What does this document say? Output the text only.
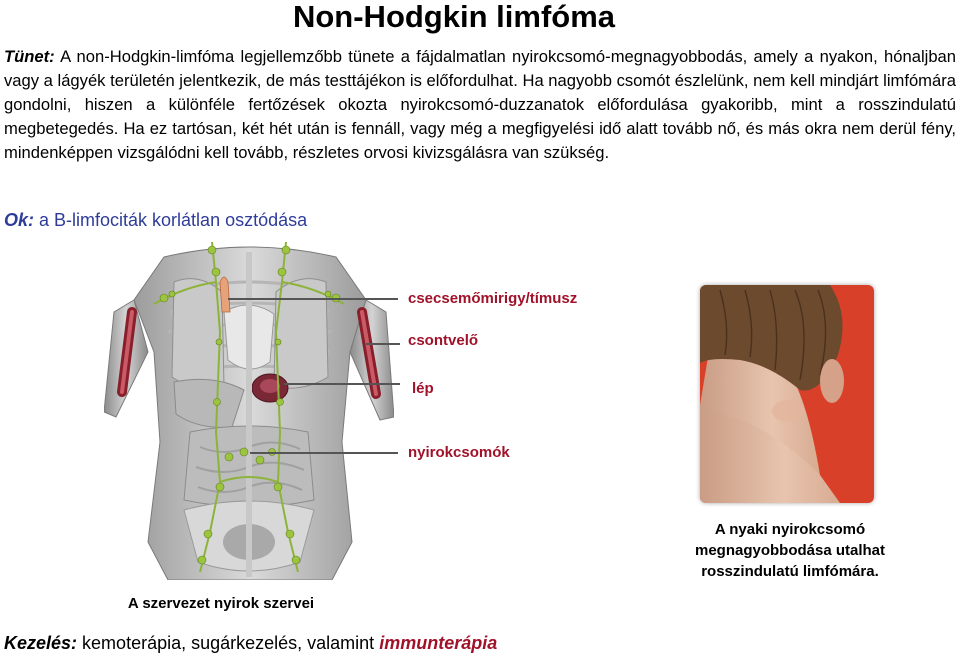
Non-Hodgkin limfóma
Tünet: A non-Hodgkin-limfóma legjellemzőbb tünete a fájdalmatlan nyirokcsomó-megnagyobbodás, amely a nyakon, hónaljban vagy a lágyék területén jelentkezik, de más testtájékon is előfordulhat. Ha nagyobb csomót észlelünk, nem kell mindjárt limfómára gondolni, hiszen a különféle fertőzések okozta nyirokcsomó-duzzanatok előfordulása gyakoribb, mint a rosszindulatú megbetegedés. Ha ez tartósan, két hét után is fennáll, vagy még a megfigyelési idő alatt tovább nő, és más okra nem derül fény, mindenképpen vizsgálódni kell tovább, részletes orvosi kivizsgálásra van szükség.
Ok: a B-limfociták korlátlan osztódása
csecsemőmirigy/tímusz
csontvelő
lép
nyirokcsomók
A nyaki nyirokcsomó megnagyobbodása utalhat rosszindulatú limfómára.
A szervezet nyirok szervei
Kezelés: kemoterápia, sugárkezelés, valamint immunterápia
